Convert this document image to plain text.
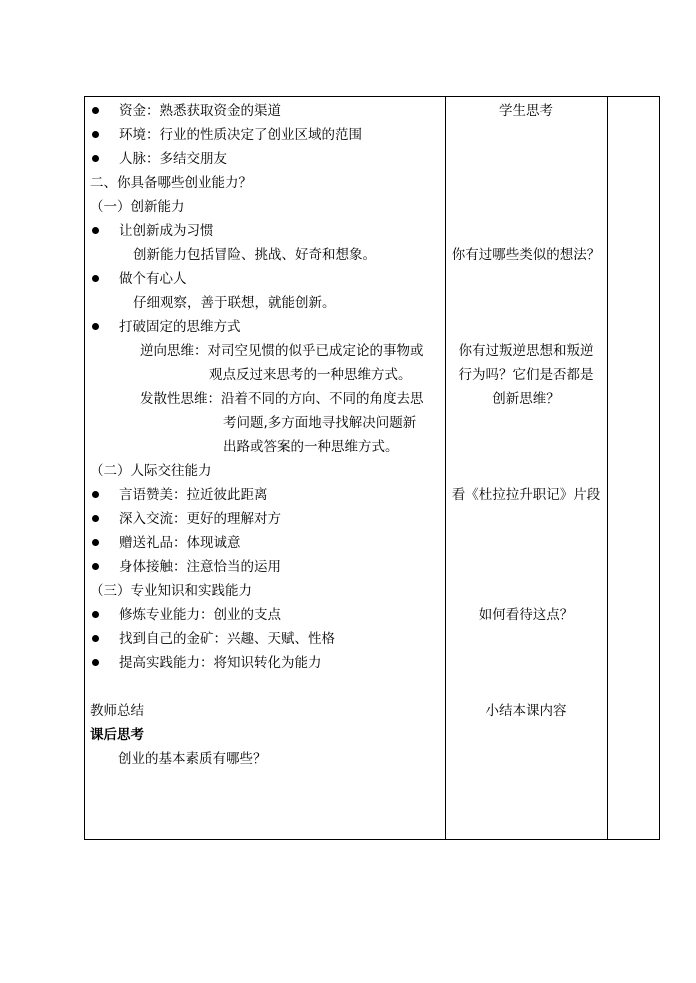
资金：熟悉获取资金的渠道
环境：行业的性质决定了创业区域的范围
人脉：多结交朋友
二、你具备哪些创业能力？
（一）创新能力
让创新成为习惯
创新能力包括冒险、挑战、好奇和想象。
做个有心人
仔细观察，善于联想，就能创新。
打破固定的思维方式
逆向思维：对司空见惯的似乎已成定论的事物或
观点反过来思考的一种思维方式。
发散性思维：沿着不同的方向、不同的角度去思
考问题,多方面地寻找解决问题新
出路或答案的一种思维方式。
（二）人际交往能力
言语赞美：拉近彼此距离
深入交流：更好的理解对方
赠送礼品：体现诚意
身体接触：注意恰当的运用
（三）专业知识和实践能力
修炼专业能力：创业的支点
找到自己的金矿：兴趣、天赋、性格
提高实践能力：将知识转化为能力
教师总结
课后思考
创业的基本素质有哪些？
学生思考
你有过哪些类似的想法？
你有过叛逆思想和叛逆
行为吗？它们是否都是
创新思维？
看《杜拉拉升职记》片段
如何看待这点？
小结本课内容
